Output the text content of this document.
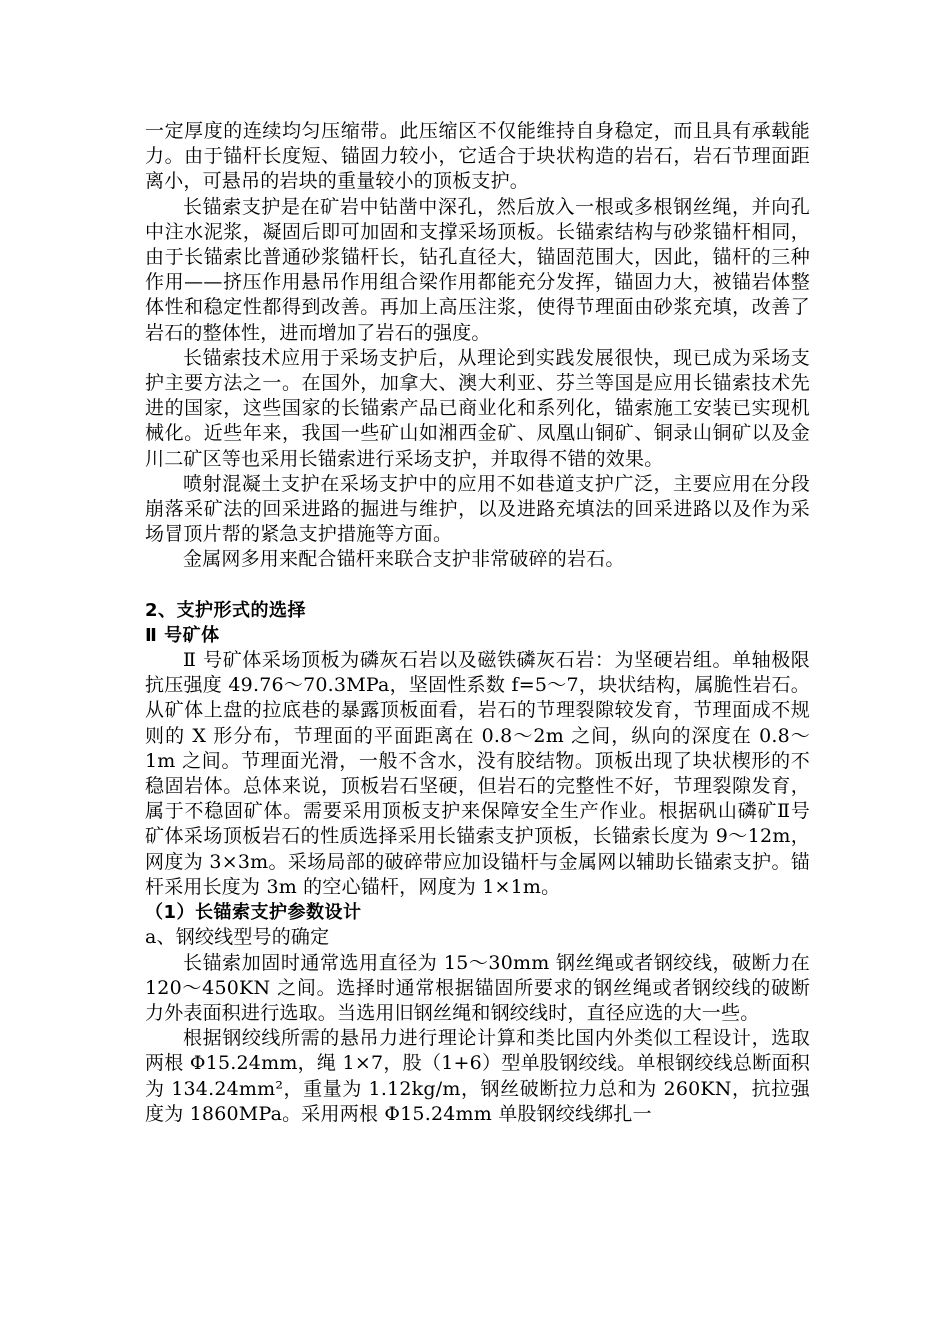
一定厚度的连续均匀压缩带。此压缩区不仅能维持自身稳定，而且具有承载能力。由于锚杆长度短、锚固力较小，它适合于块状构造的岩石，岩石节理面距离小，可悬吊的岩块的重量较小的顶板支护。

长锚索支护是在矿岩中钻凿中深孔，然后放入一根或多根钢丝绳，并向孔中注水泥浆，凝固后即可加固和支撑采场顶板。长锚索结构与砂浆锚杆相同，由于长锚索比普通砂浆锚杆长，钻孔直径大，锚固范围大，因此，锚杆的三种作用——挤压作用悬吊作用组合梁作用都能充分发挥，锚固力大，被锚岩体整体性和稳定性都得到改善。再加上高压注浆，使得节理面由砂浆充填，改善了岩石的整体性，进而增加了岩石的强度。

长锚索技术应用于采场支护后，从理论到实践发展很快，现已成为采场支护主要方法之一。在国外，加拿大、澳大利亚、芬兰等国是应用长锚索技术先进的国家，这些国家的长锚索产品已商业化和系列化，锚索施工安装已实现机械化。近些年来，我国一些矿山如湘西金矿、凤凰山铜矿、铜录山铜矿以及金川二矿区等也采用长锚索进行采场支护，并取得不错的效果。

喷射混凝土支护在采场支护中的应用不如巷道支护广泛，主要应用在分段崩落采矿法的回采进路的掘进与维护，以及进路充填法的回采进路以及作为采场冒顶片帮的紧急支护措施等方面。

金属网多用来配合锚杆来联合支护非常破碎的岩石。

2、支护形式的选择

Ⅱ 号矿体

Ⅱ 号矿体采场顶板为磷灰石岩以及磁铁磷灰石岩：为坚硬岩组。单轴极限抗压强度 49.76～70.3MPa，坚固性系数 f=5～7，块状结构，属脆性岩石。从矿体上盘的拉底巷的暴露顶板面看，岩石的节理裂隙较发育，节理面成不规则的 X 形分布，节理面的平面距离在 0.8～2m 之间，纵向的深度在 0.8～1m 之间。节理面光滑，一般不含水，没有胶结物。顶板出现了块状楔形的不稳固岩体。总体来说，顶板岩石坚硬，但岩石的完整性不好，节理裂隙发育，属于不稳固矿体。需要采用顶板支护来保障安全生产作业。根据矾山磷矿Ⅱ号矿体采场顶板岩石的性质选择采用长锚索支护顶板，长锚索长度为 9～12m，网度为 3×3m。采场局部的破碎带应加设锚杆与金属网以辅助长锚索支护。锚杆采用长度为 3m 的空心锚杆，网度为 1×1m。

（1）长锚索支护参数设计

a、钢绞线型号的确定

长锚索加固时通常选用直径为 15～30mm 钢丝绳或者钢绞线，破断力在 120～450KN 之间。选择时通常根据锚固所要求的钢丝绳或者钢绞线的破断力外表面积进行选取。当选用旧钢丝绳和钢绞线时，直径应选的大一些。

根据钢绞线所需的悬吊力进行理论计算和类比国内外类似工程设计，选取两根 Φ15.24mm，绳 1×7，股（1+6）型单股钢绞线。单根钢绞线总断面积为 134.24mm²，重量为 1.12kg/m，钢丝破断拉力总和为 260KN，抗拉强度为 1860MPa。采用两根 Φ15.24mm 单股钢绞线绑扎一
